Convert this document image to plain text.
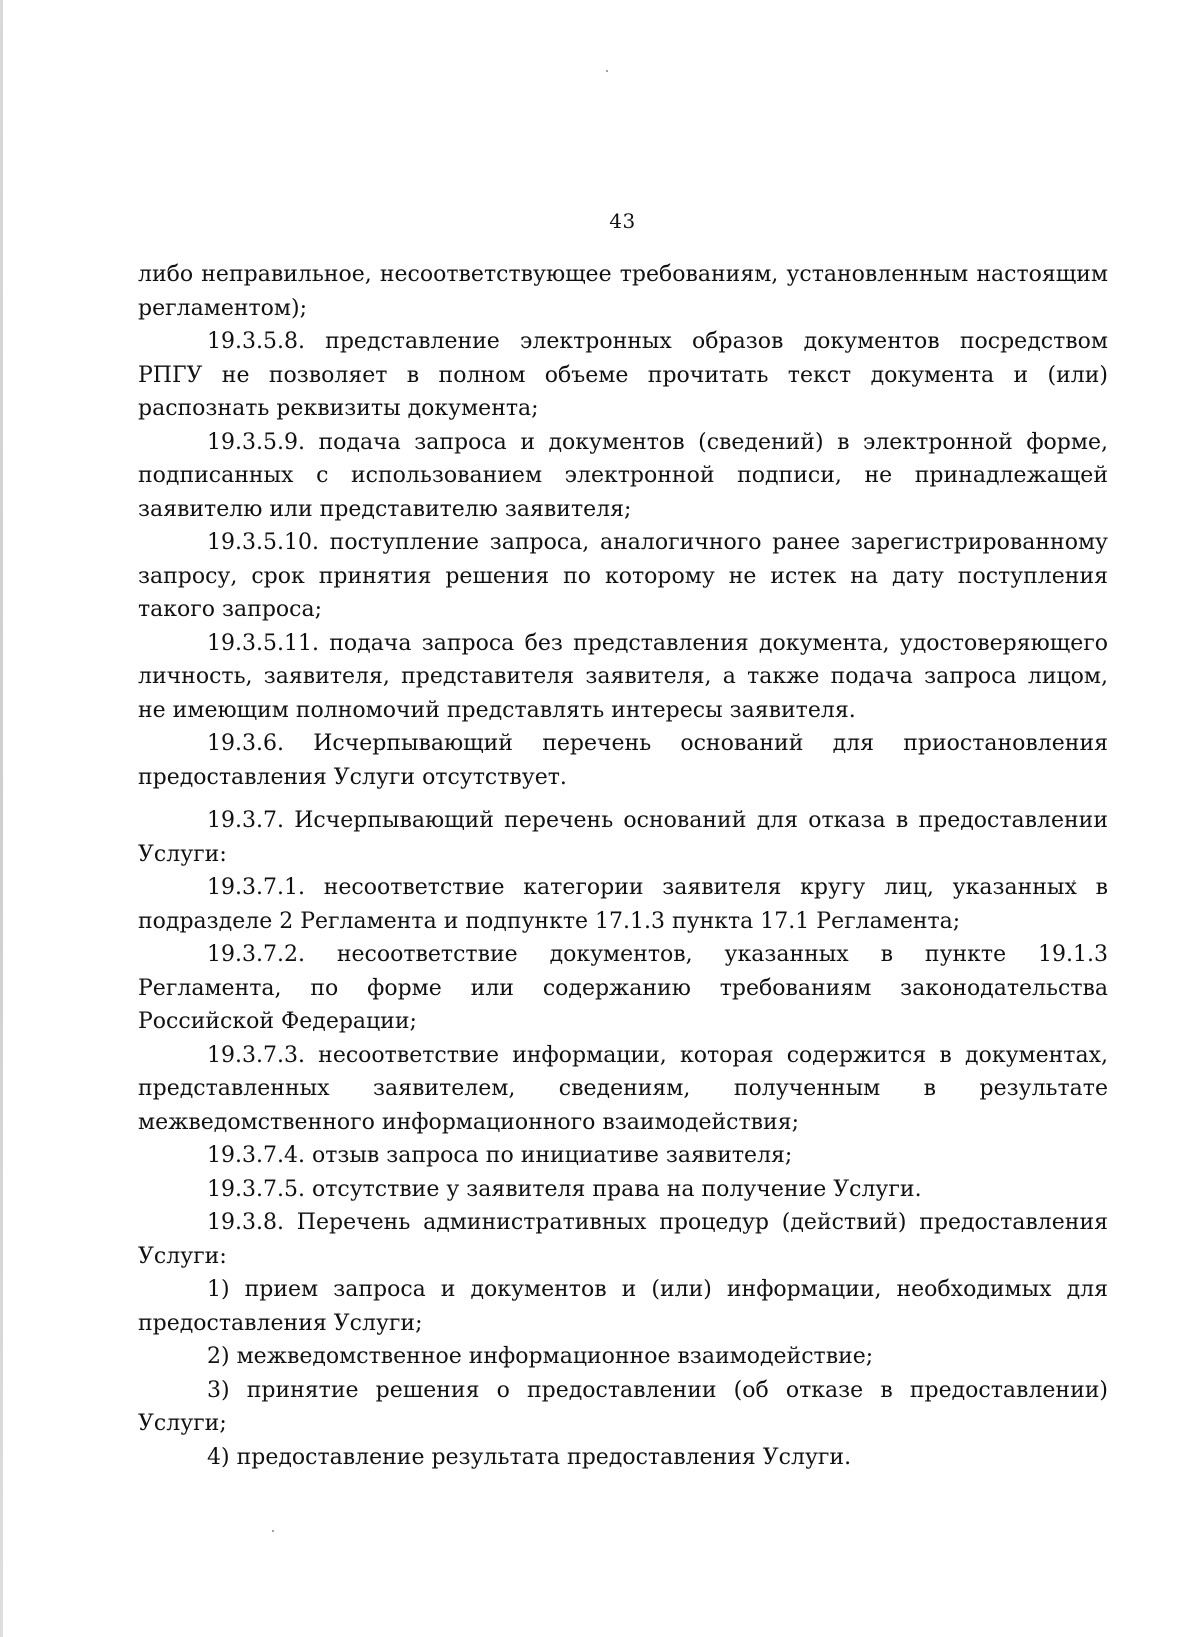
43

либо неправильное, несоответствующее требованиям, установленным настоящим регламентом);

19.3.5.8. представление электронных образов документов посредством РПГУ не позволяет в полном объеме прочитать текст документа и (или) распознать реквизиты документа;

19.3.5.9. подача запроса и документов (сведений) в электронной форме, подписанных с использованием электронной подписи, не принадлежащей заявителю или представителю заявителя;

19.3.5.10. поступление запроса, аналогичного ранее зарегистрированному запросу, срок принятия решения по которому не истек на дату поступления такого запроса;

19.3.5.11. подача запроса без представления документа, удостоверяющего личность, заявителя, представителя заявителя, а также подача запроса лицом, не имеющим полномочий представлять интересы заявителя.

19.3.6. Исчерпывающий перечень оснований для приостановления предоставления Услуги отсутствует.

19.3.7. Исчерпывающий перечень оснований для отказа в предоставлении Услуги:

19.3.7.1. несоответствие категории заявителя кругу лиц, указанных в подразделе 2 Регламента и подпункте 17.1.3 пункта 17.1 Регламента;

19.3.7.2. несоответствие документов, указанных в пункте 19.1.3 Регламента, по форме или содержанию требованиям законодательства Российской Федерации;

19.3.7.3. несоответствие информации, которая содержится в документах, представленных заявителем, сведениям, полученным в результате межведомственного информационного взаимодействия;

19.3.7.4. отзыв запроса по инициативе заявителя;

19.3.7.5. отсутствие у заявителя права на получение Услуги.

19.3.8. Перечень административных процедур (действий) предоставления Услуги:

1) прием запроса и документов и (или) информации, необходимых для предоставления Услуги;

2) межведомственное информационное взаимодействие;

3) принятие решения о предоставлении (об отказе в предоставлении) Услуги;

4) предоставление результата предоставления Услуги.
